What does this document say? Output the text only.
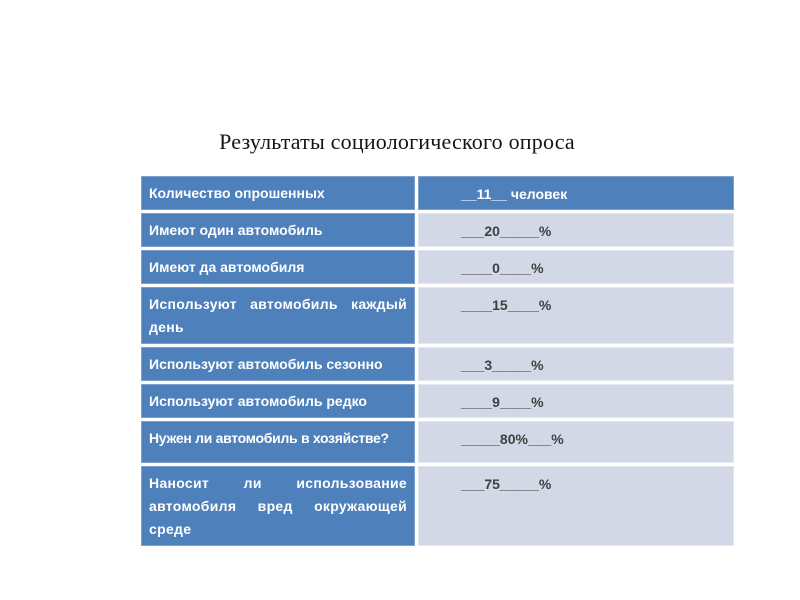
Результаты социологического опроса
Количество опрошенных	__11__ человек
Имеют один автомобиль	___20_____%
Имеют да автомобиля	____0____%
Используют автомобиль каждый день	____15____%
Используют автомобиль сезонно	___3_____%
Используют автомобиль редко	____9____%
Нужен ли автомобиль в хозяйстве?	_____80%___%
Наносит ли использование автомобиля вред окружающей среде	___75_____%
